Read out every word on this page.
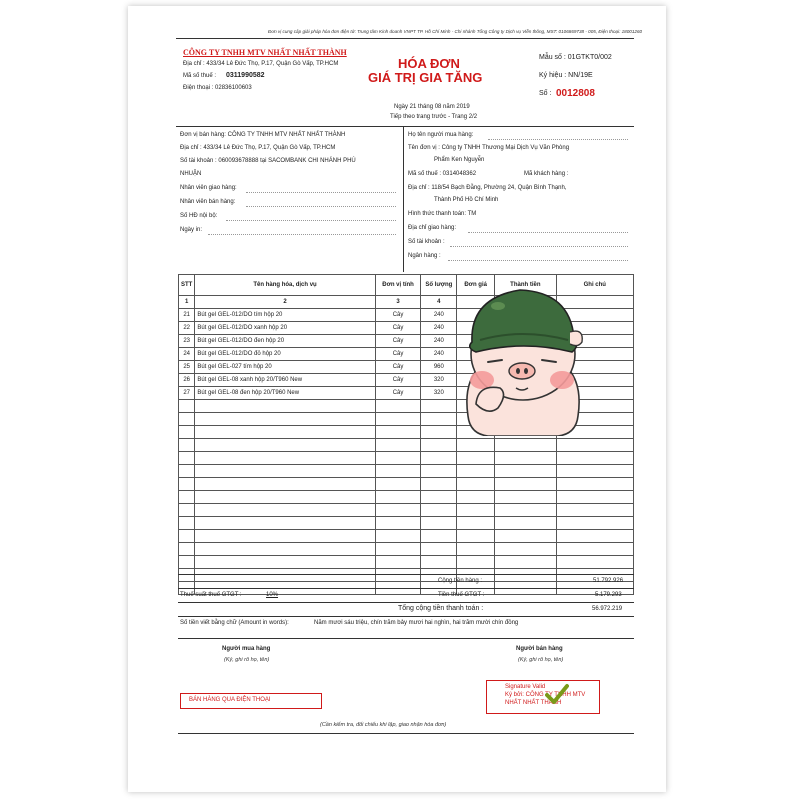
Đơn vị cung cấp giải pháp hóa đơn điện tử: Trung tâm Kinh doanh VNPT TP. Hồ Chí Minh - Chi nhánh Tổng Công ty Dịch vụ Viễn thông, MST: 0106869738 - 005, Điện thoại: 18001260
CÔNG TY TNHH MTV NHẤT NHẤT THÀNH
Địa chỉ : 433/34 Lê Đức Thọ, P.17, Quận Gò Vấp, TP.HCM
Mã số thuế : 0311990582
Điện thoại : 02836100603
HÓA ĐƠN
GIÁ TRỊ GIA TĂNG
Mẫu số : 01GTKT0/002
Ký hiệu : NN/19E
Số : 0012808
Ngày 21 tháng 08 năm 2019
Tiếp theo trang trước - Trang 2/2
Đơn vị bán hàng: CÔNG TY TNHH MTV NHẤT NHẤT THÀNH
Địa chỉ : 433/34 Lê Đức Thọ, P.17, Quận Gò Vấp, TP.HCM
Số tài khoản : 060093678888 tại SACOMBANK CHI NHÁNH PHÚ
NHUẬN
Nhân viên giao hàng:
Nhân viên bán hàng:
Số HĐ nội bộ:
Ngày in:
Họ tên người mua hàng:
Tên đơn vị : Công ty TNHH Thương Mại Dịch Vụ Văn Phòng
Phẩm Ken Nguyễn
Mã số thuế : 0314048362	Mã khách hàng :
Địa chỉ : 118/54 Bạch Đằng, Phường 24, Quận Bình Thạnh,
Thành Phố Hồ Chí Minh
Hình thức thanh toán: TM
Địa chỉ giao hàng:
Số tài khoản :
Ngân hàng :
STT	Tên hàng hóa, dịch vụ	Đơn vị tính	Số lượng	Đơn giá	Thành tiền	Ghi chú
1	2	3	4			
21	Bút gel GEL-012/DO tím hộp 20	Cây	240			
22	Bút gel GEL-012/DO xanh hộp 20	Cây	240			
23	Bút gel GEL-012/DO đen hộp 20	Cây	240			
24	Bút gel GEL-012/DO đỏ hộp 20	Cây	240			
25	Bút gel GEL-027 tím hộp 20	Cây	960			
26	Bút gel GEL-08 xanh hộp 20/T960 New	Cây	320			
27	Bút gel GEL-08 đen hộp 20/T960 New	Cây	320			

Cộng tiền hàng :	51.792.926
Thuế suất thuế GTGT :	10%	Tiền thuế GTGT :	5.179.293
Tổng cộng tiền thanh toán :	56.972.219
Số tiền viết bằng chữ (Amount in words):	Năm mươi sáu triệu, chín trăm bảy mươi hai nghìn, hai trăm mười chín đồng
Người mua hàng
(Ký, ghi rõ họ, tên)
Người bán hàng
(Ký, ghi rõ họ, tên)
BÁN HÀNG QUA ĐIỆN THOẠI
Signature Valid
Ký bởi: CÔNG TY TNHH MTV
NHẤT NHẤT THÀNH
(Cần kiểm tra, đối chiếu khi lập, giao nhận hóa đơn)
